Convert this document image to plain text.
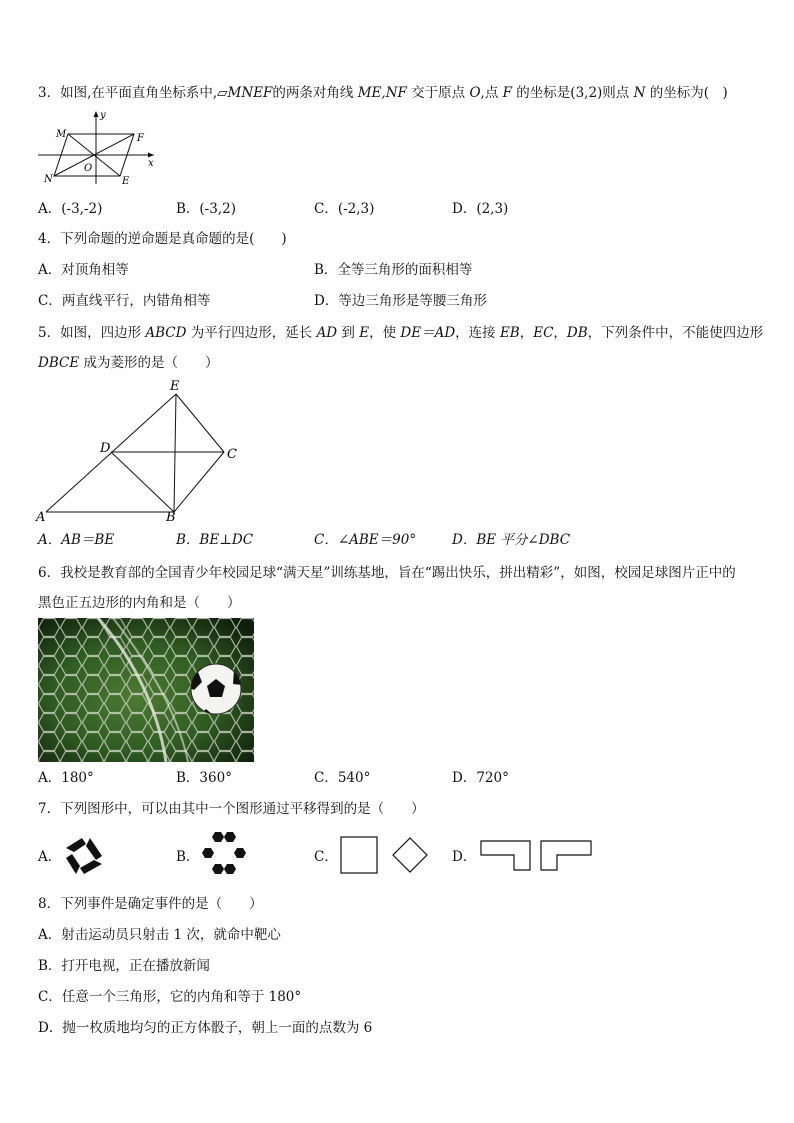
3．如图,在平面直角坐标系中,▱MNEF的两条对角线 ME,NF 交于原点 O,点 F 的坐标是(3,2)则点 N 的坐标为(　)
M	F
N	E
O	x
y
A．(-3,-2)	B．(-3,2)	C．(-2,3)	D．(2,3)
4．下列命题的逆命题是真命题的是(　　)
A．对顶角相等	B．全等三角形的面积相等
C．两直线平行，内错角相等	D．等边三角形是等腰三角形
5．如图，四边形 ABCD 为平行四边形，延长 AD 到 E，使 DE＝AD，连接 EB，EC，DB，下列条件中，不能使四边形
DBCE 成为菱形的是（　　）
A	B
C
D
E
A．AB＝BE	B．BE⊥DC	C．∠ABE＝90°	D．BE 平分∠DBC
6．我校是教育部的全国青少年校园足球“满天星”训练基地，旨在“踢出快乐，拼出精彩”，如图，校园足球图片正中的
黑色正五边形的内角和是（　　）
A．180°	B．360°	C．540°	D．720°
7．下列图形中，可以由其中一个图形通过平移得到的是（　　）
A．	B．	C．	D．
8．下列事件是确定事件的是（　　）
A．射击运动员只射击 1 次，就命中靶心
B．打开电视，正在播放新闻
C．任意一个三角形，它的内角和等于 180°
D．抛一枚质地均匀的正方体骰子，朝上一面的点数为 6
